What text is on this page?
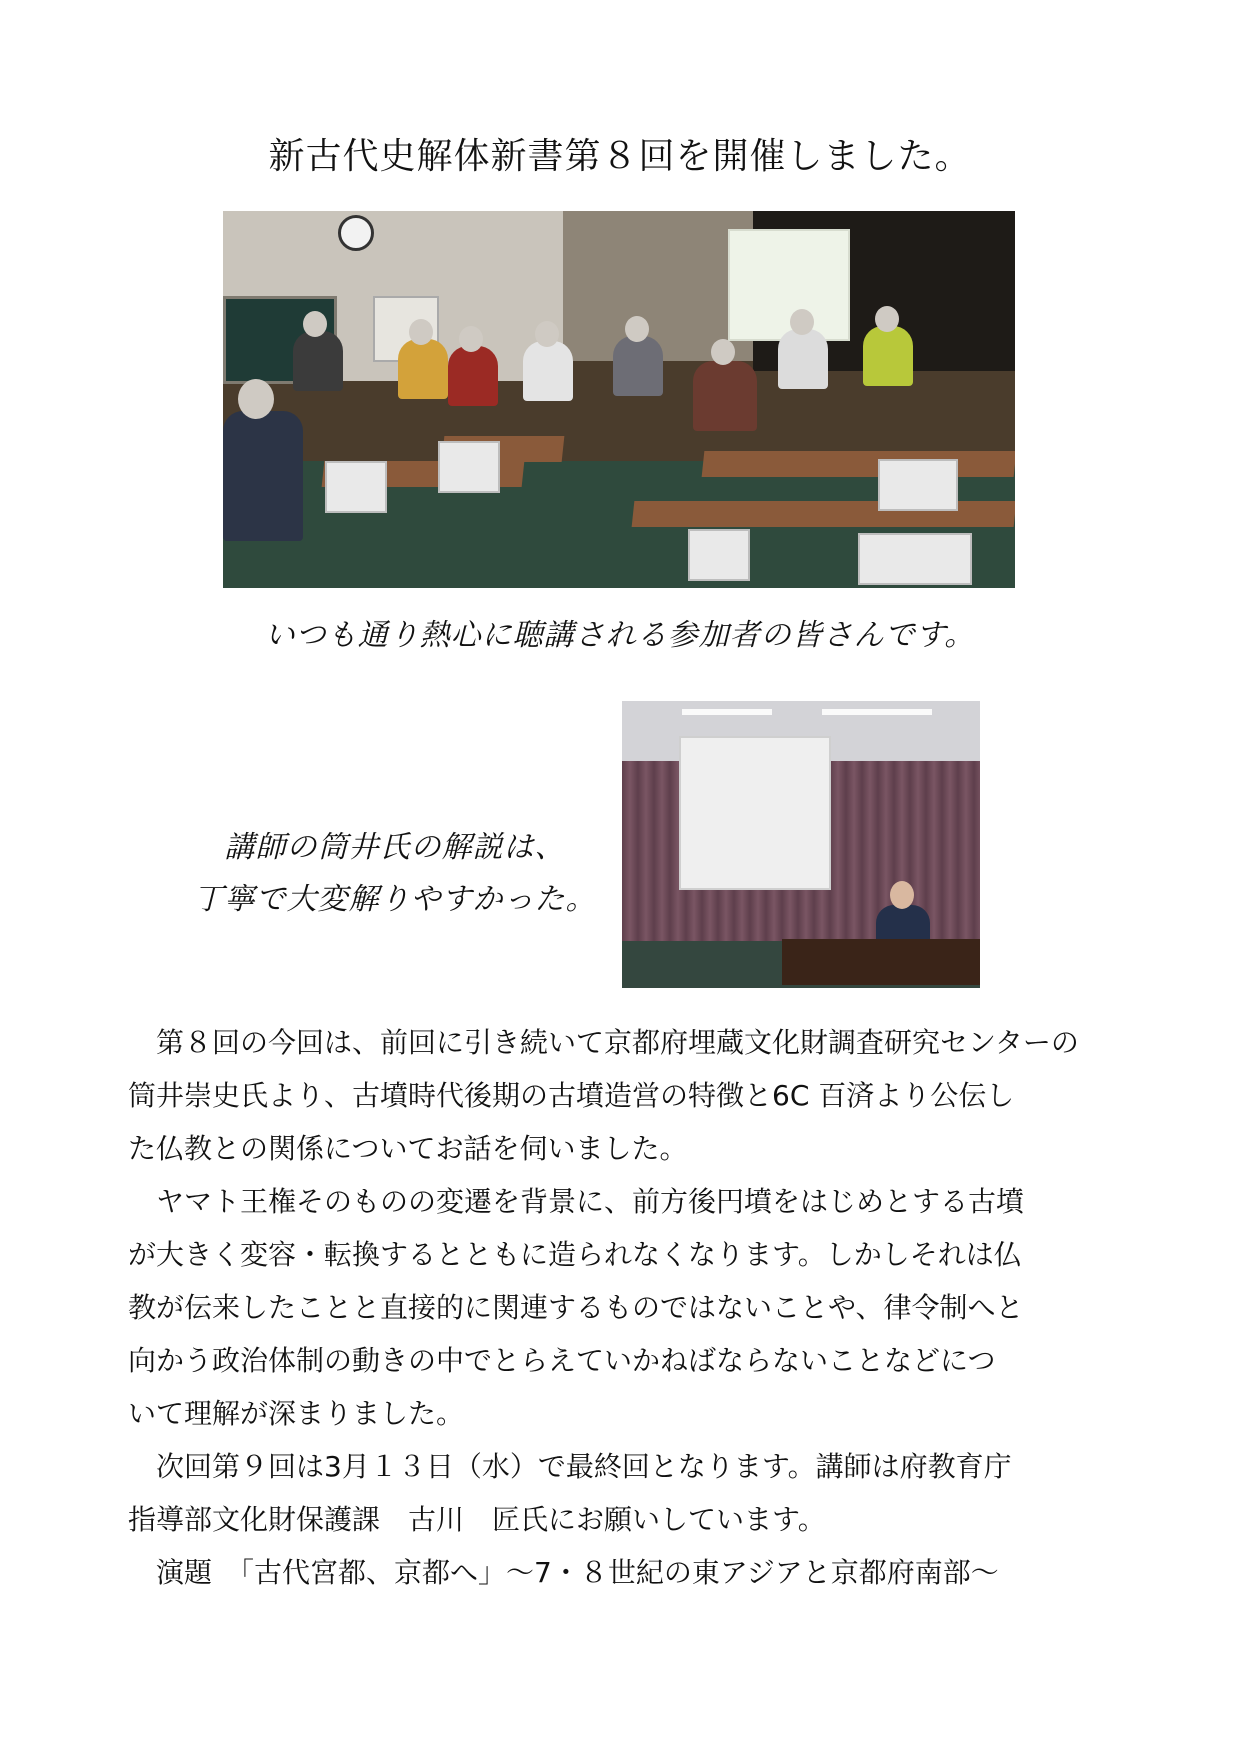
新古代史解体新書第８回を開催しました。

いつも通り熱心に聴講される参加者の皆さんです。

講師の筒井氏の解説は、
丁寧で大変解りやすかった。

第８回の今回は、前回に引き続いて京都府埋蔵文化財調査研究センターの
筒井崇史氏より、古墳時代後期の古墳造営の特徴と6C 百済より公伝し
た仏教との関係についてお話を伺いました。

ヤマト王権そのものの変遷を背景に、前方後円墳をはじめとする古墳
が大きく変容・転換するとともに造られなくなります。しかしそれは仏
教が伝来したことと直接的に関連するものではないことや、律令制へと
向かう政治体制の動きの中でとらえていかねばならないことなどにつ
いて理解が深まりました。

次回第９回は3月１３日（水）で最終回となります。講師は府教育庁
指導部文化財保護課　古川　匠氏にお願いしています。

演題　「古代宮都、京都へ」～7・８世紀の東アジアと京都府南部～
